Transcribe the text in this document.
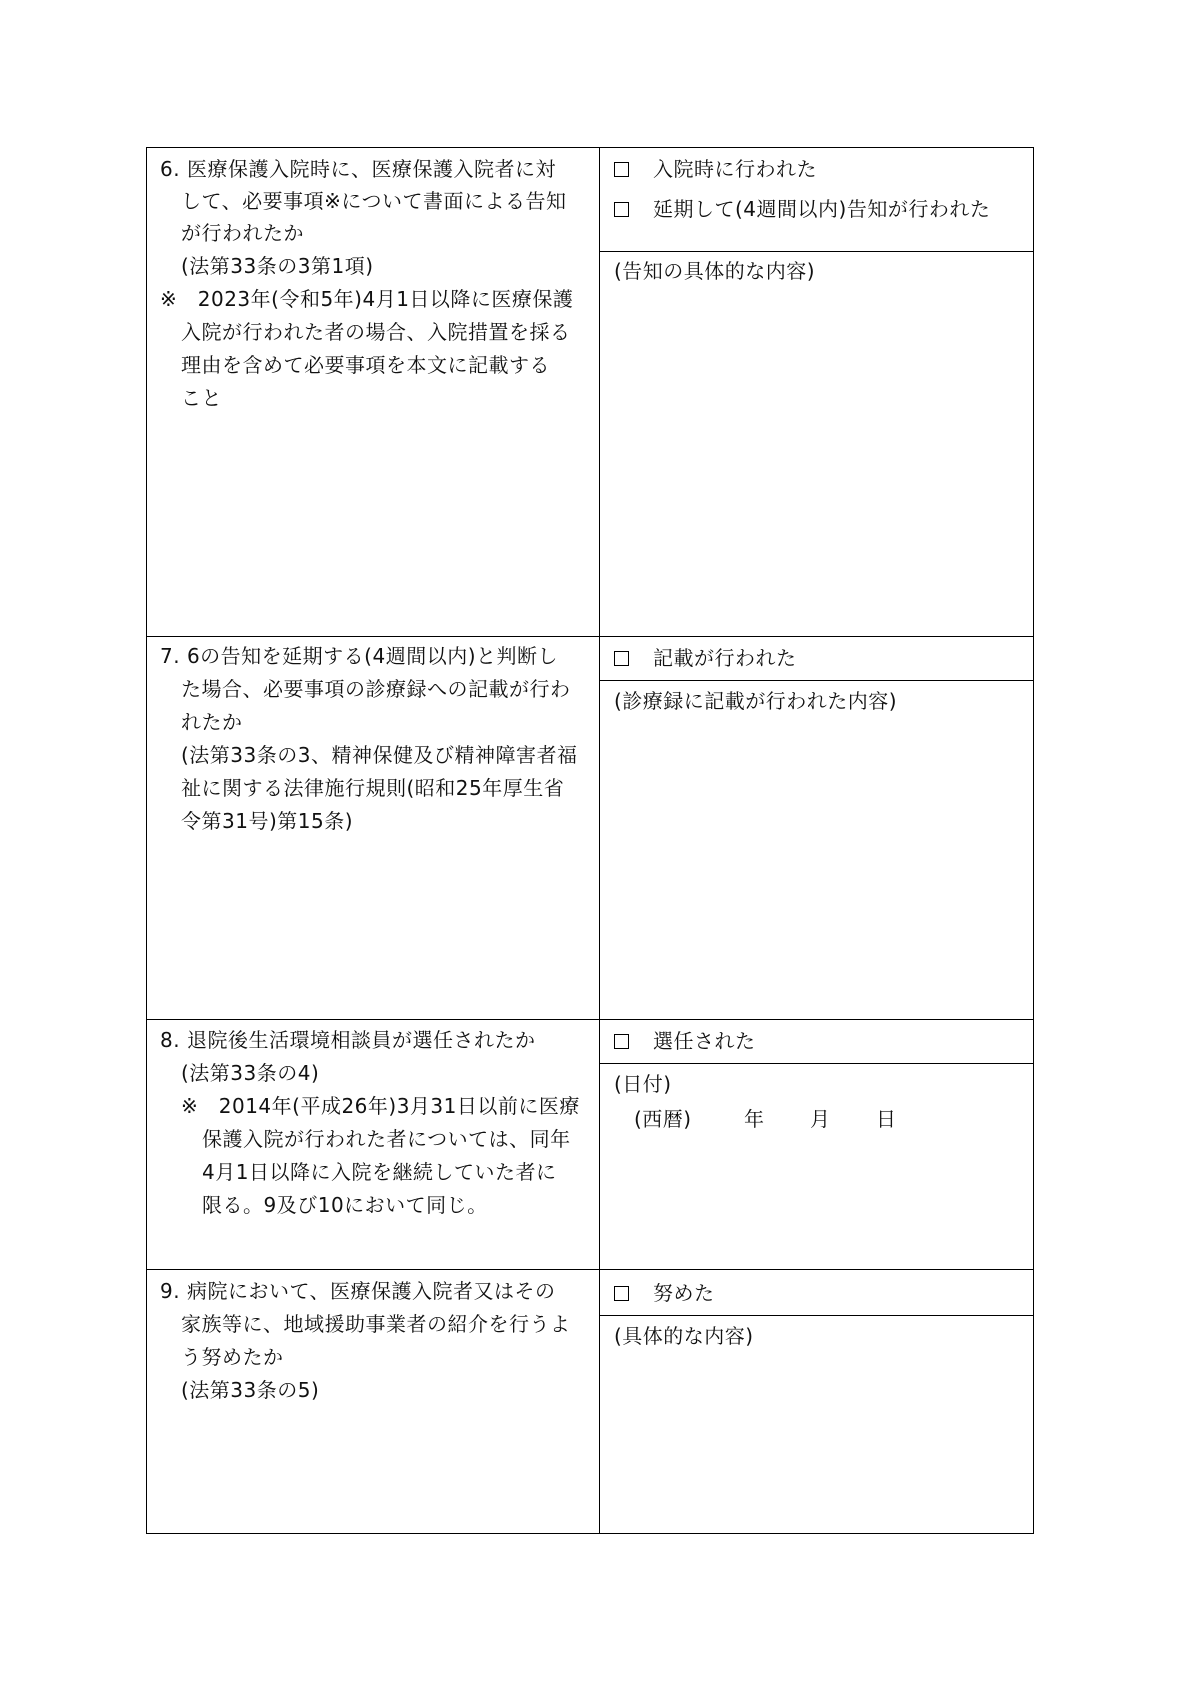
6. 医療保護入院時に、医療保護入院者に対
して、必要事項※について書面による告知
が行われたか
(法第33条の3第1項)
※　2023年(令和5年)4月1日以降に医療保護
入院が行われた者の場合、入院措置を採る
理由を含めて必要事項を本文に記載する
こと
入院時に行われた
延期して(4週間以内)告知が行われた
(告知の具体的な内容)
7. 6の告知を延期する(4週間以内)と判断し
た場合、必要事項の診療録への記載が行わ
れたか
(法第33条の3、精神保健及び精神障害者福
祉に関する法律施行規則(昭和25年厚生省
令第31号)第15条)
記載が行われた
(診療録に記載が行われた内容)
8. 退院後生活環境相談員が選任されたか
(法第33条の4)
※　2014年(平成26年)3月31日以前に医療
保護入院が行われた者については、同年
4月1日以降に入院を継続していた者に
限る。9及び10において同じ。
選任された
(日付)
(西暦)	年 月 日
9. 病院において、医療保護入院者又はその
家族等に、地域援助事業者の紹介を行うよ
う努めたか
(法第33条の5)
努めた
(具体的な内容)
